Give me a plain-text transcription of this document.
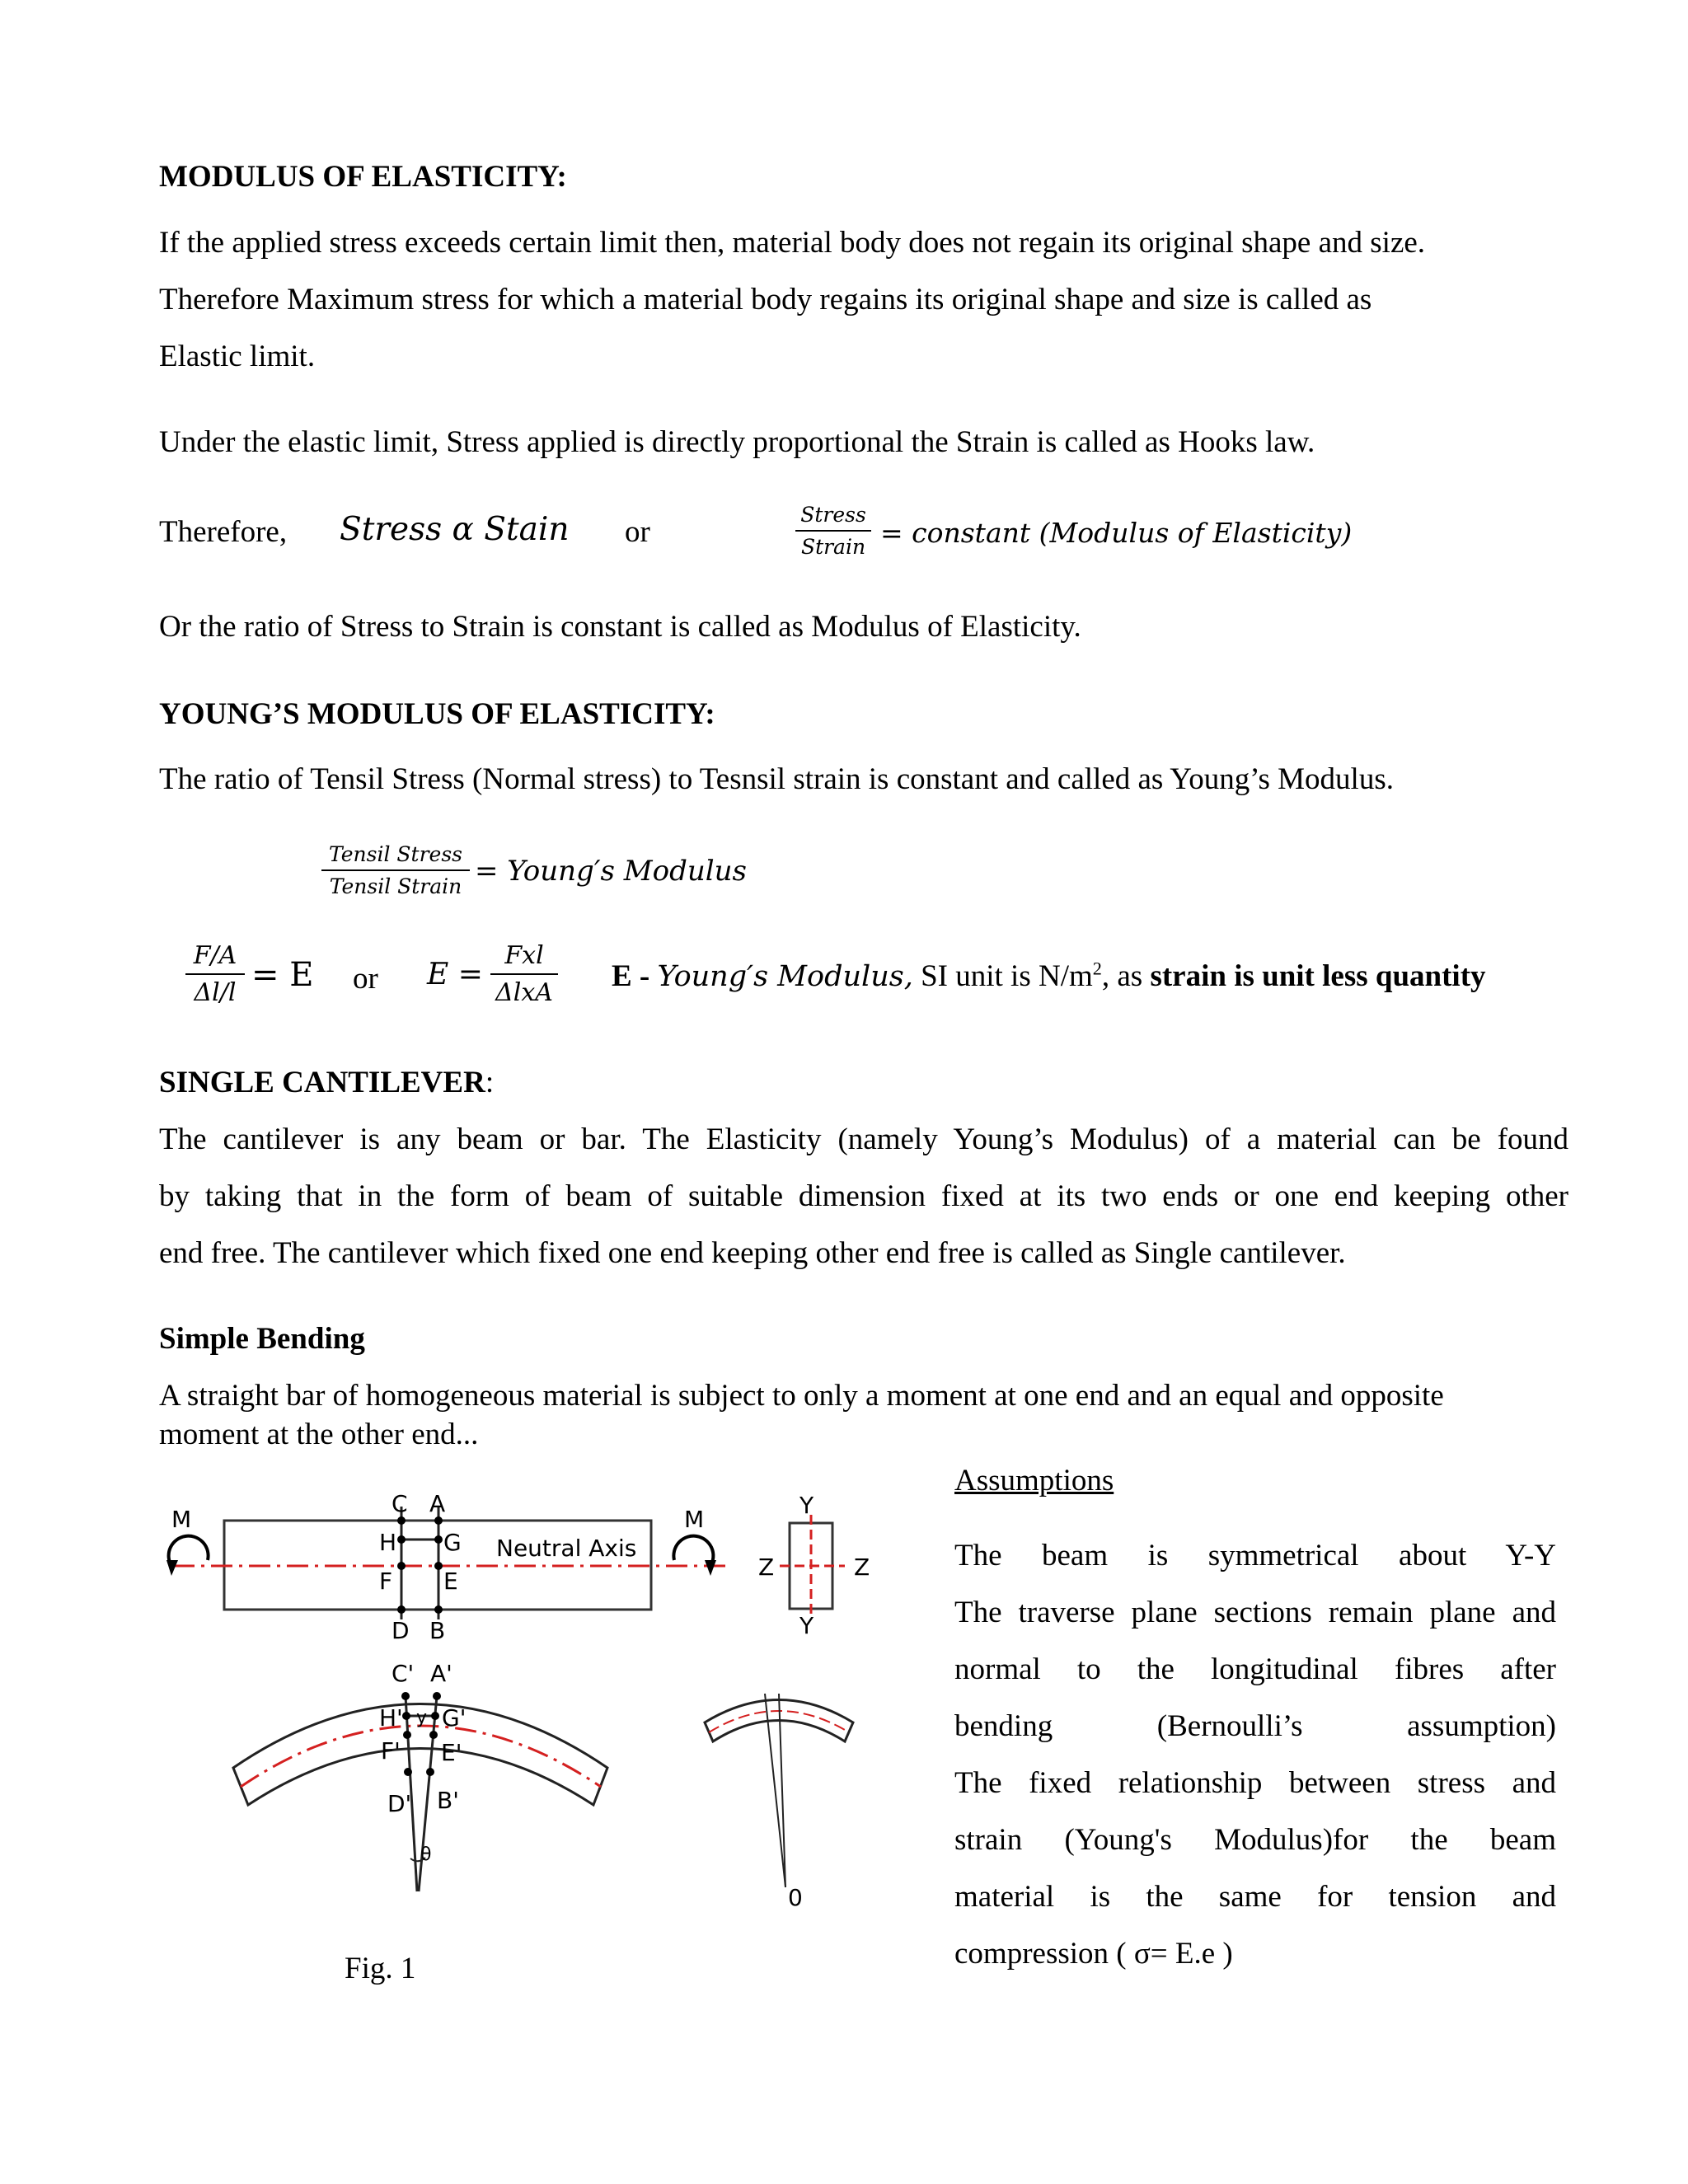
MODULUS OF ELASTICITY:
If the applied stress exceeds certain limit then, material body does not regain its original shape and size.
Therefore Maximum stress for which a material body regains its original shape and size is called as
Elastic limit.
Under the elastic limit, Stress applied is directly proportional the Strain is called as Hooks law.
Therefore, Stress α Stain or
Stress
Strain = constant (Modulus of Elasticity)
Or the ratio of Stress to Strain is constant is called as Modulus of Elasticity.
YOUNG’S MODULUS OF ELASTICITY:
The ratio of Tensil Stress (Normal stress) to Tesnsil strain is constant and called as Young’s Modulus.
Tensil Stress
Tensil Strain = Young′s Modulus
F/A
Δl/l = E or E =
Fxl
ΔlxA E - Young′s Modulus, SI unit is $N/m^2$, as strain is unit less quantity
SINGLE CANTILEVER:
The cantilever is any beam or bar. The Elasticity (namely Young’s Modulus) of a material can be found
by taking that in the form of beam of suitable dimension fixed at its two ends or one end keeping other
end free. The cantilever which fixed one end keeping other end free is called as Single cantilever.
Simple Bending
A straight bar of homogeneous material is subject to only a moment at one end and an equal and opposite
moment at the other end...
Assumptions
The beam is symmetrical about Y-Y
The traverse plane sections remain plane and
normal to the longitudinal fibres after
bending (Bernoulli’s assumption)
The fixed relationship between stress and
strain (Young's Modulus)for the beam
material is the same for tension and
compression ( σ= E.e )
M	M
C A
H G
F E
D B
Neutral Axis
Y
Y
Z	Z
C' A'
H' y G'
F' E'
D' B'
θ
0
Fig. 1
